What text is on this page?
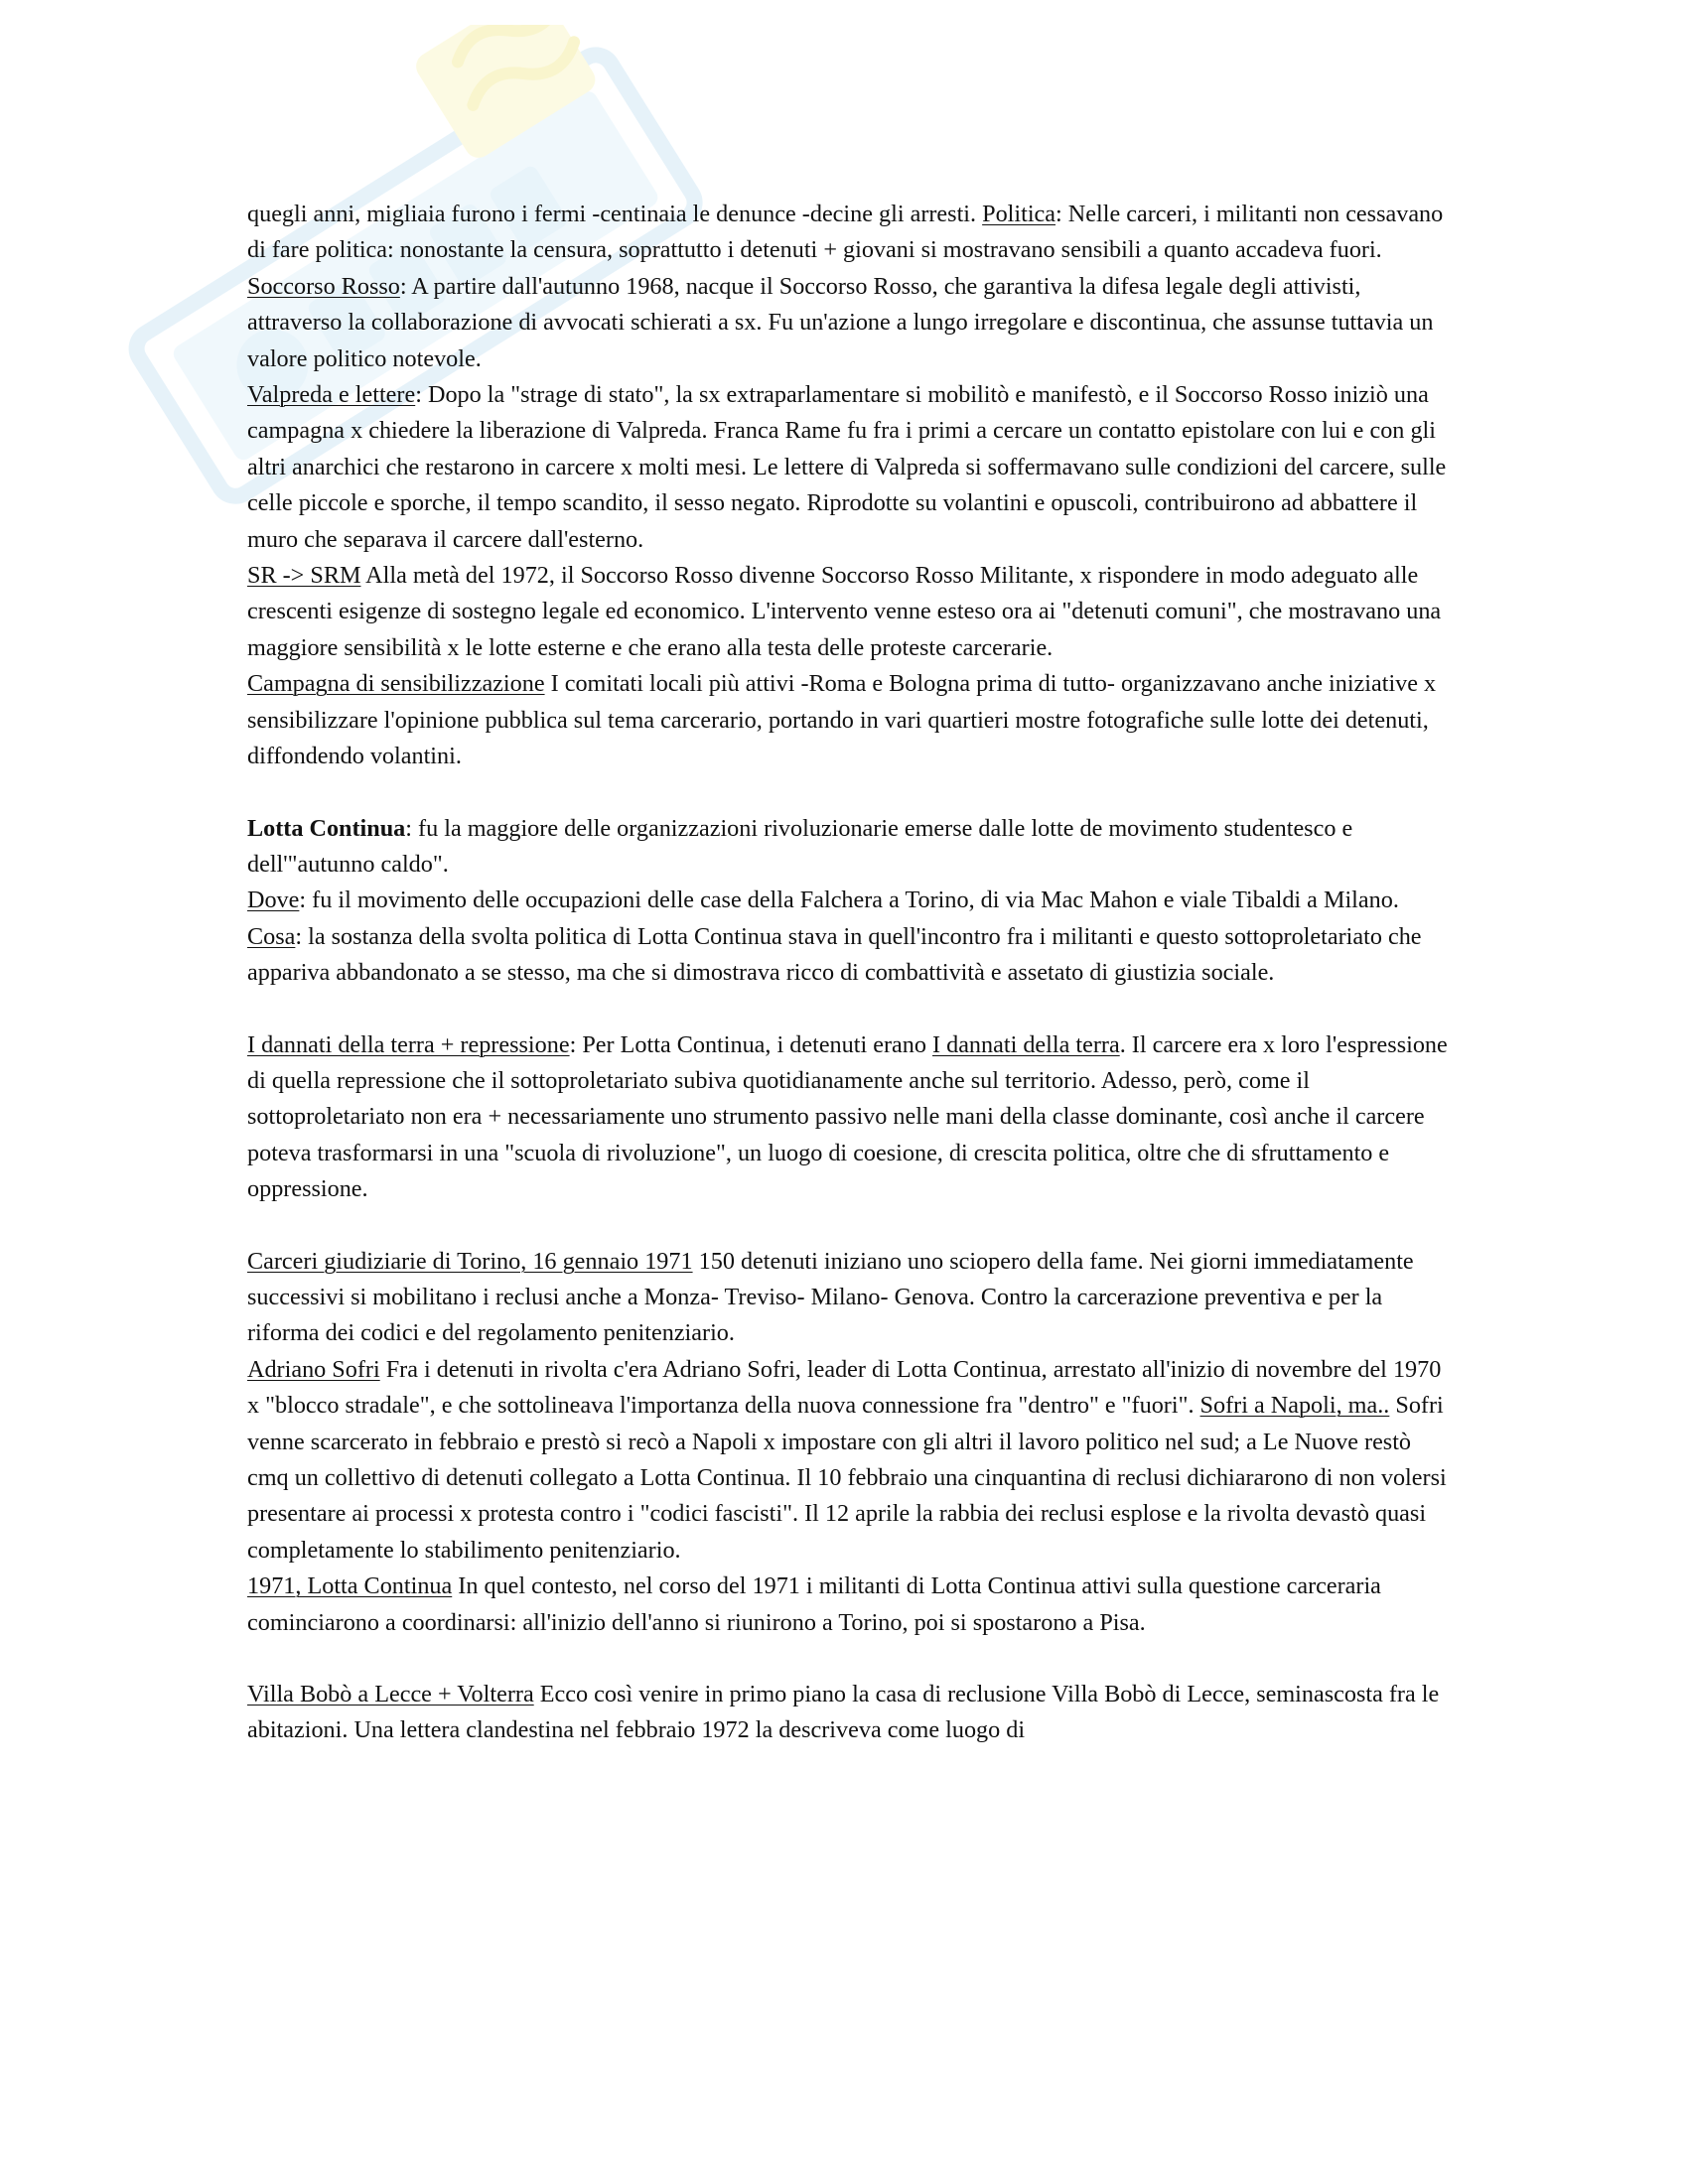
quegli anni, migliaia furono i fermi -centinaia le denunce -decine gli arresti. Politica: Nelle carceri, i militanti non cessavano di fare politica: nonostante la censura, soprattutto i detenuti + giovani si mostravano sensibili a quanto accadeva fuori.

Soccorso Rosso: A partire dall'autunno 1968, nacque il Soccorso Rosso, che garantiva la difesa legale degli attivisti, attraverso la collaborazione di avvocati schierati a sx. Fu un'azione a lungo irregolare e discontinua, che assunse tuttavia un valore politico notevole.

Valpreda e lettere: Dopo la "strage di stato", la sx extraparlamentare si mobilitò e manifestò, e il Soccorso Rosso iniziò una campagna x chiedere la liberazione di Valpreda. Franca Rame fu fra i primi a cercare un contatto epistolare con lui e con gli altri anarchici che restarono in carcere x molti mesi. Le lettere di Valpreda si soffermavano sulle condizioni del carcere, sulle celle piccole e sporche, il tempo scandito, il sesso negato. Riprodotte su volantini e opuscoli, contribuirono ad abbattere il muro che separava il carcere dall'esterno.

SR -> SRM Alla metà del 1972, il Soccorso Rosso divenne Soccorso Rosso Militante, x rispondere in modo adeguato alle crescenti esigenze di sostegno legale ed economico. L'intervento venne esteso ora ai "detenuti comuni", che mostravano una maggiore sensibilità x le lotte esterne e che erano alla testa delle proteste carcerarie.

Campagna di sensibilizzazione I comitati locali più attivi -Roma e Bologna prima di tutto- organizzavano anche iniziative x sensibilizzare l'opinione pubblica sul tema carcerario, portando in vari quartieri mostre fotografiche sulle lotte dei detenuti, diffondendo volantini.

Lotta Continua: fu la maggiore delle organizzazioni rivoluzionarie emerse dalle lotte de movimento studentesco e dell'"autunno caldo".

Dove: fu il movimento delle occupazioni delle case della Falchera a Torino, di via Mac Mahon e viale Tibaldi a Milano.

Cosa: la sostanza della svolta politica di Lotta Continua stava in quell'incontro fra i militanti e questo sottoproletariato che appariva abbandonato a se stesso, ma che si dimostrava ricco di combattività e assetato di giustizia sociale.

I dannati della terra + repressione: Per Lotta Continua, i detenuti erano I dannati della terra. Il carcere era x loro l'espressione di quella repressione che il sottoproletariato subiva quotidianamente anche sul territorio. Adesso, però, come il sottoproletariato non era + necessariamente uno strumento passivo nelle mani della classe dominante, così anche il carcere poteva trasformarsi in una "scuola di rivoluzione", un luogo di coesione, di crescita politica, oltre che di sfruttamento e oppressione.

Carceri giudiziarie di Torino, 16 gennaio 1971 150 detenuti iniziano uno sciopero della fame. Nei giorni immediatamente successivi si mobilitano i reclusi anche a Monza- Treviso- Milano- Genova. Contro la carcerazione preventiva e per la riforma dei codici e del regolamento penitenziario.

Adriano Sofri Fra i detenuti in rivolta c'era Adriano Sofri, leader di Lotta Continua, arrestato all'inizio di novembre del 1970 x "blocco stradale", e che sottolineava l'importanza della nuova connessione fra "dentro" e "fuori". Sofri a Napoli, ma.. Sofri venne scarcerato in febbraio e prestò si recò a Napoli x impostare con gli altri il lavoro politico nel sud; a Le Nuove restò cmq un collettivo di detenuti collegato a Lotta Continua. Il 10 febbraio una cinquantina di reclusi dichiararono di non volersi presentare ai processi x protesta contro i "codici fascisti". Il 12 aprile la rabbia dei reclusi esplose e la rivolta devastò quasi completamente lo stabilimento penitenziario.

1971, Lotta Continua In quel contesto, nel corso del 1971 i militanti di Lotta Continua attivi sulla questione carceraria cominciarono a coordinarsi: all'inizio dell'anno si riunirono a Torino, poi si spostarono a Pisa.

Villa Bobò a Lecce + Volterra Ecco così venire in primo piano la casa di reclusione Villa Bobò di Lecce, seminascosta fra le abitazioni. Una lettera clandestina nel febbraio 1972 la descriveva come luogo di
